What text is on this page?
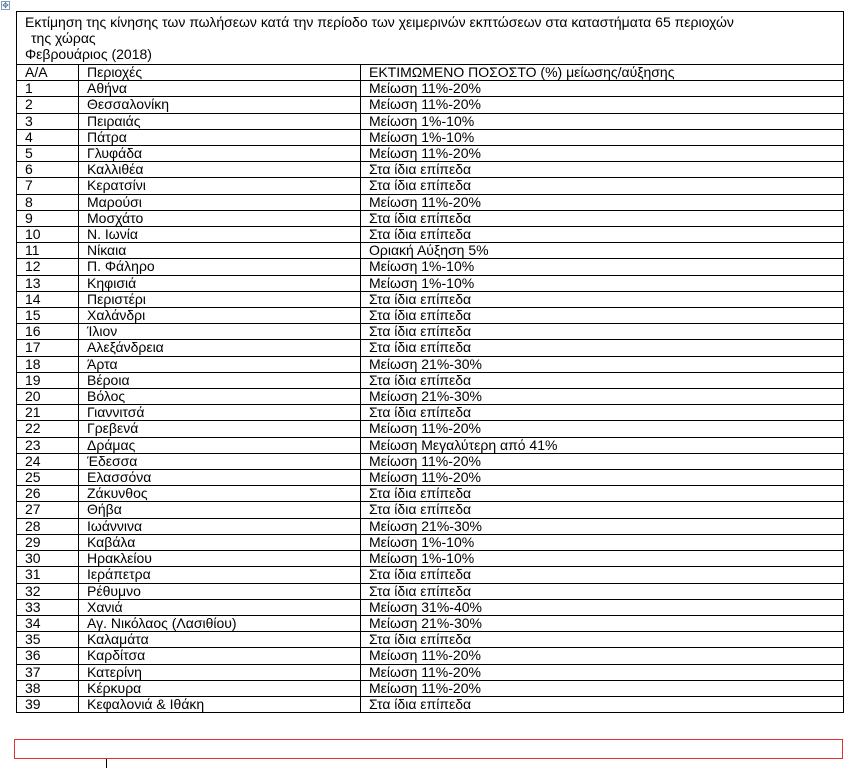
✥
Εκτίμηση της κίνησης των πωλήσεων κατά την περίοδο των χειμερινών εκπτώσεων στα καταστήματα 65 περιοχών
της χώρας
Φεβρουάριος (2018)		

Α/Α	Περιοχές	ΕΚΤΙΜΩΜΕΝΟ ΠΟΣΟΣΤΟ (%) μείωσης/αύξησης
1	Αθήνα	Μείωση 11%-20%
2	Θεσσαλονίκη	Μείωση 11%-20%
3	Πειραιάς	Μείωση 1%-10%
4	Πάτρα	Μείωση 1%-10%
5	Γλυφάδα	Μείωση 11%-20%
6	Καλλιθέα	Στα ίδια επίπεδα
7	Κερατσίνι	Στα ίδια επίπεδα
8	Μαρούσι	Μείωση 11%-20%
9	Μοσχάτο	Στα ίδια επίπεδα
10	Ν. Ιωνία	Στα ίδια επίπεδα
11	Νίκαια	Οριακή Αύξηση 5%
12	Π. Φάληρο	Μείωση 1%-10%
13	Κηφισιά	Μείωση 1%-10%
14	Περιστέρι	Στα ίδια επίπεδα
15	Χαλάνδρι	Στα ίδια επίπεδα
16	Ίλιον	Στα ίδια επίπεδα
17	Αλεξάνδρεια	Στα ίδια επίπεδα
18	Άρτα	Μείωση 21%-30%
19	Βέροια	Στα ίδια επίπεδα
20	Βόλος	Μείωση 21%-30%
21	Γιαννιτσά	Στα ίδια επίπεδα
22	Γρεβενά	Μείωση 11%-20%
23	Δράμας	Μείωση Μεγαλύτερη από 41%
24	Έδεσσα	Μείωση 11%-20%
25	Ελασσόνα	Μείωση 11%-20%
26	Ζάκυνθος	Στα ίδια επίπεδα
27	Θήβα	Στα ίδια επίπεδα
28	Ιωάννινα	Μείωση 21%-30%
29	Καβάλα	Μείωση 1%-10%
30	Ηρακλείου	Μείωση 1%-10%
31	Ιεράπετρα	Στα ίδια επίπεδα
32	Ρέθυμνο	Στα ίδια επίπεδα
33	Χανιά	Μείωση 31%-40%
34	Αγ. Νικόλαος (Λασιθίου)	Μείωση 21%-30%
35	Καλαμάτα	Στα ίδια επίπεδα
36	Καρδίτσα	Μείωση 11%-20%
37	Κατερίνη	Μείωση 11%-20%
38	Κέρκυρα	Μείωση 11%-20%
39	Κεφαλονιά & Ιθάκη	Στα ίδια επίπεδα
